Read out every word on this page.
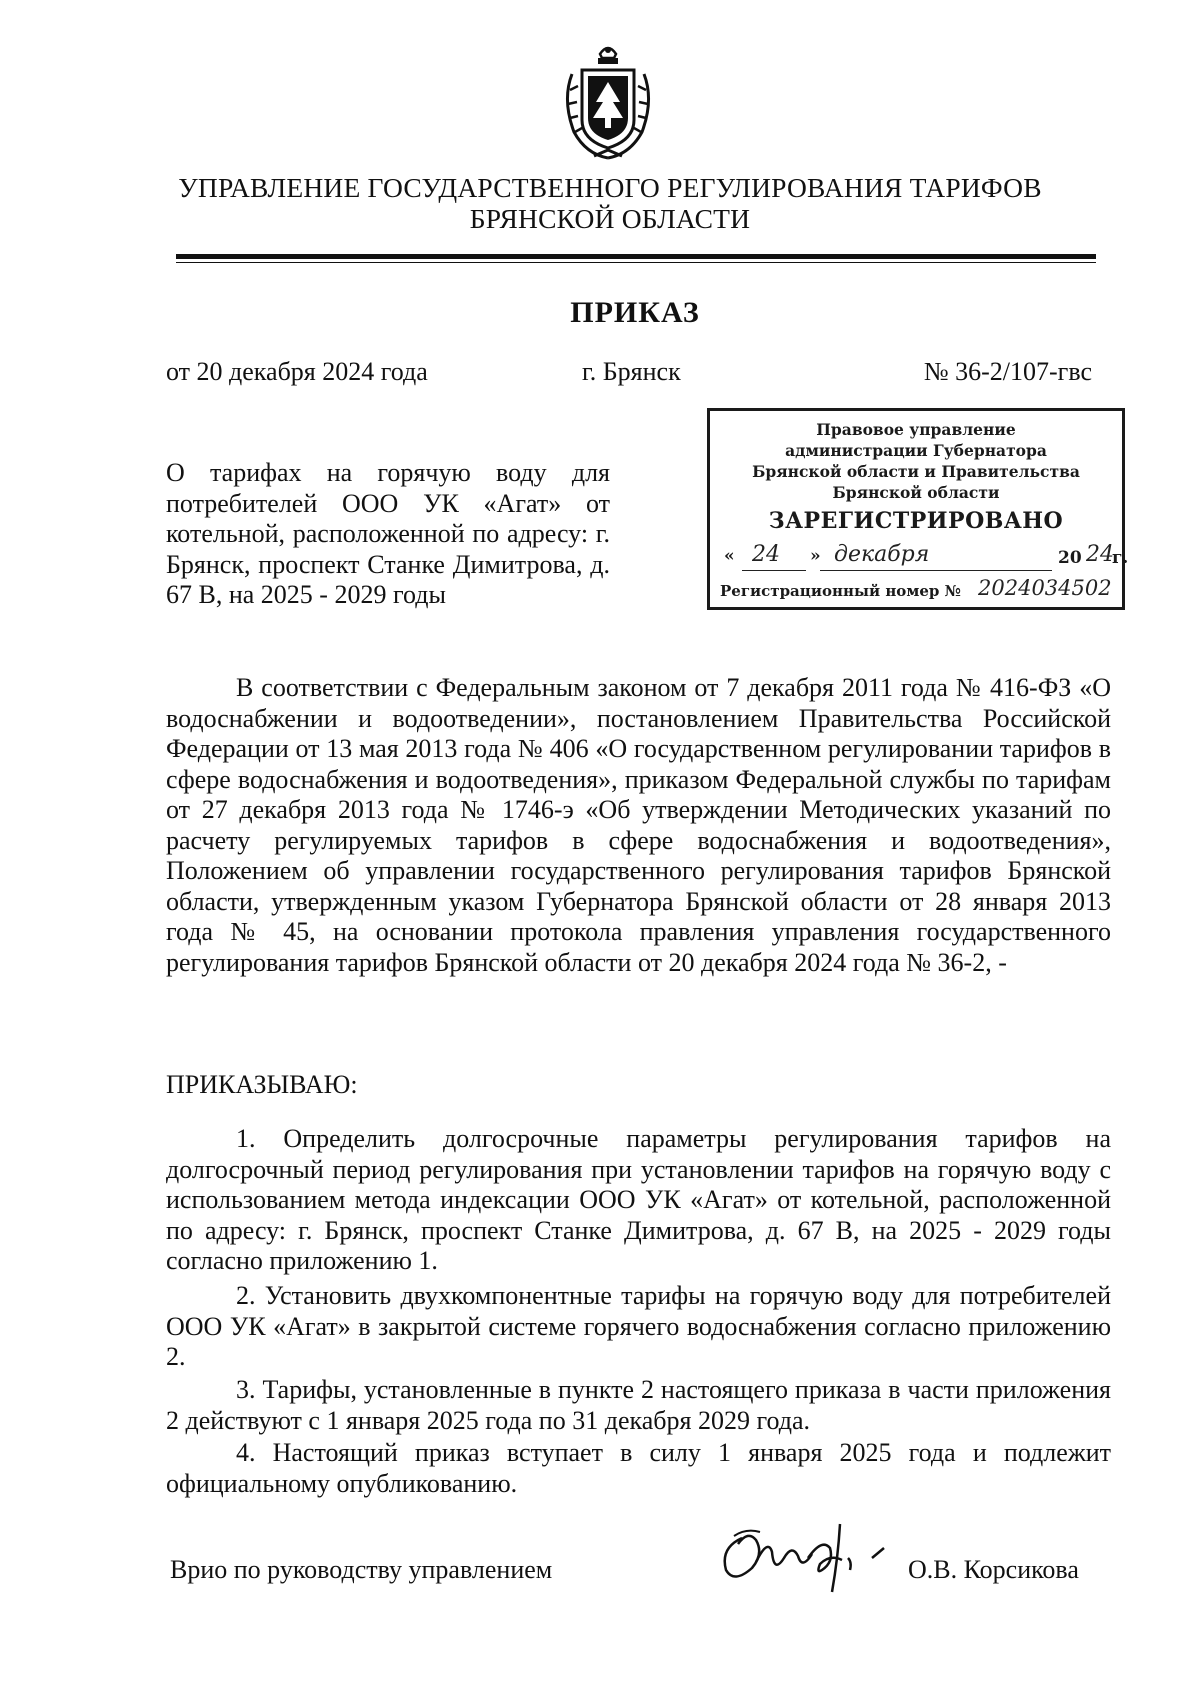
УПРАВЛЕНИЕ ГОСУДАРСТВЕННОГО РЕГУЛИРОВАНИЯ ТАРИФОВ
БРЯНСКОЙ ОБЛАСТИ
ПРИКАЗ
от 20 декабря 2024 года	г. Брянск	№ 36-2/107-гвс
Правовое управление
администрации Губернатора
Брянской области и Правительства
Брянской области
ЗАРЕГИСТРИРОВАНО
« 24 » декабря	20 24
г.
Регистрационный номер № 2024034502
О тарифах на горячую воду для потребителей ООО УК «Агат» от котельной, расположенной по адресу: г. Брянск, проспект Станке Димитрова, д. 67 В, на 2025 - 2029 годы
В соответствии с Федеральным законом от 7 декабря 2011 года № 416-ФЗ «О водоснабжении и водоотведении», постановлением Правительства Российской Федерации от 13 мая 2013 года № 406 «О государственном регулировании тарифов в сфере водоснабжения и водоотведения», приказом Федеральной службы по тарифам от 27 декабря 2013 года № 1746-э «Об утверждении Методических указаний по расчету регулируемых тарифов в сфере водоснабжения и водоотведения», Положением об управлении государственного регулирования тарифов Брянской области, утвержденным указом Губернатора Брянской области от 28 января 2013 года № 45, на основании протокола правления управления государственного регулирования тарифов Брянской области от 20 декабря 2024 года № 36-2, -
ПРИКАЗЫВАЮ:
1. Определить долгосрочные параметры регулирования тарифов на долгосрочный период регулирования при установлении тарифов на горячую воду с использованием метода индексации ООО УК «Агат» от котельной, расположенной по адресу: г. Брянск, проспект Станке Димитрова, д. 67 В, на 2025 - 2029 годы согласно приложению 1.
2. Установить двухкомпонентные тарифы на горячую воду для потребителей ООО УК «Агат» в закрытой системе горячего водоснабжения согласно приложению 2.
3. Тарифы, установленные в пункте 2 настоящего приказа в части приложения 2 действуют с 1 января 2025 года по 31 декабря 2029 года.
4. Настоящий приказ вступает в силу 1 января 2025 года и подлежит официальному опубликованию.
Врио по руководству управлением	О.В. Корсикова
